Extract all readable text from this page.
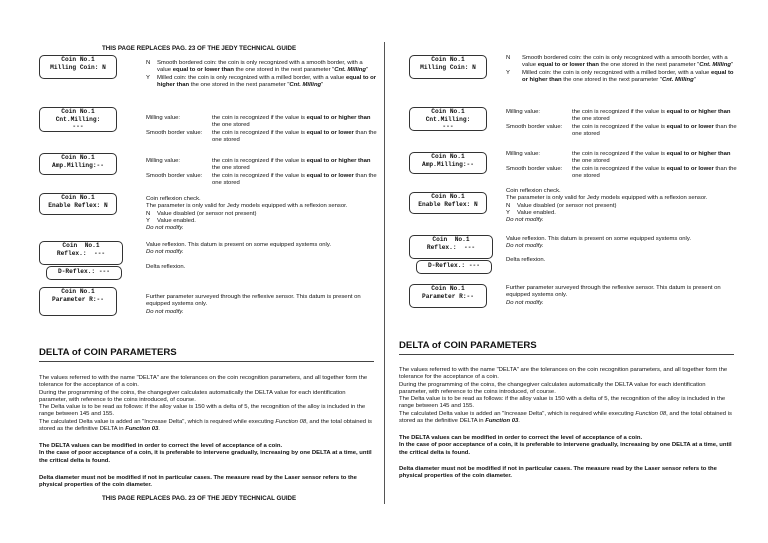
THIS PAGE REPLACES PAG. 23 OF THE JEDY TECHNICAL GUIDE
Coin No.1
Milling Coin: N
N	Smooth bordered coin: the coin is only recognized with a smooth border, with a value equal to or lower than the one stored in the next parameter "Cnt. Milling"
Y	Milled coin: the coin is only recognized with a milled border, with a value equal to or higher than the one stored in the next parameter "Cnt. Milling"
Coin No.1
Cnt.Milling:
---
Milling value:	the coin is recognized if the value is equal to or higher than the one stored
Smooth border value:	the coin is recognized if the value is equal to or lower than the one stored
Coin No.1
Amp.Milling:--
Milling value:	the coin is recognized if the value is equal to or higher than the one stored
Smooth border value:	the coin is recognized if the value is equal to or lower than the one stored
Coin No.1
Enable Reflex: N

Coin reflexion check.

The parameter is only valid for Jedy models equipped with a reflexion sensor.

N	Value disabled (or sensor not present)
Y	Value enabled.

Do not modify.

Coin  No.1
Reflex.:  ---
D-Reflex.: ---

Value reflexion. This datum is present on some equipped systems only.

Do not modify.

Delta reflexion.
Coin No.1
Parameter R:--	Further parameter surveyed through the reflexive sensor. This datum is present on equipped systems only.

Do not modify.

DELTA of COIN PARAMETERS

The values referred to with the name "DELTA" are the tolerances on the coin recognition parameters, and all together form the tolerance for the acceptance of a coin.

During the programming of the coins, the changegiver calculates automatically the DELTA value for each identification parameter, with reference to the coins introduced, of course.

The Delta value is to be read as follows: if the alloy value is 150 with a delta of 5, the recognition of the alloy is included in the range between 145 and 155.

The calculated Delta value is added an "Increase Delta", which is required while executing Function 08, and the total obtained is stored as the definitive DELTA in Function 03.

The DELTA values can be modified in order to correct the level of acceptance of a coin.

In the case of poor acceptance of a coin, it is preferable to intervene gradually, increasing by one DELTA at a time, until the critical delta is found.

Delta diameter must not be modified if not in particular cases. The measure read by the Laser sensor refers to the physical properties of the coin diameter.
THIS PAGE REPLACES PAG. 23 OF THE JEDY TECHNICAL GUIDE
Coin No.1
Milling Coin: N
N	Smooth bordered coin: the coin is only recognized with a smooth border, with a value equal to or lower than the one stored in the next parameter "Cnt. Milling"
Y	Milled coin: the coin is only recognized with a milled border, with a value equal to or higher than the one stored in the next parameter "Cnt. Milling"
Coin No.1
Cnt.Milling:
---
Milling value:	the coin is recognized if the value is equal to or higher than the one stored
Smooth border value:	the coin is recognized if the value is equal to or lower than the one stored
Coin No.1
Amp.Milling:--
Milling value:	the coin is recognized if the value is equal to or higher than the one stored
Smooth border value:	the coin is recognized if the value is equal to or lower than the one stored
Coin No.1
Enable Reflex: N

Coin reflexion check.

The parameter is only valid for Jedy models equipped with a reflexion sensor.

N	Value disabled (or sensor not present)
Y	Value enabled.

Do not modify.

Coin  No.1
Reflex.:  ---
D-Reflex.: ---

Value reflexion. This datum is present on some equipped systems only.

Do not modify.

Delta reflexion.
Coin No.1
Parameter R:--

Further parameter surveyed through the reflexive sensor. This datum is present on equipped systems only.

Do not modify.

DELTA of COIN PARAMETERS

The values referred to with the name "DELTA" are the tolerances on the coin recognition parameters, and all together form the tolerance for the acceptance of a coin.

During the programming of the coins, the changegiver calculates automatically the DELTA value for each identification parameter, with reference to the coins introduced, of course.

The Delta value is to be read as follows: if the alloy value is 150 with a delta of 5, the recognition of the alloy is included in the range between 145 and 155.

The calculated Delta value is added an "Increase Delta", which is required while executing Function 08, and the total obtained is stored as the definitive DELTA in Function 03.

The DELTA values can be modified in order to correct the level of acceptance of a coin.

In the case of poor acceptance of a coin, it is preferable to intervene gradually, increasing by one DELTA at a time, until the critical delta is found.

Delta diameter must not be modified if not in particular cases. The measure read by the Laser sensor refers to the physical properties of the coin diameter.
